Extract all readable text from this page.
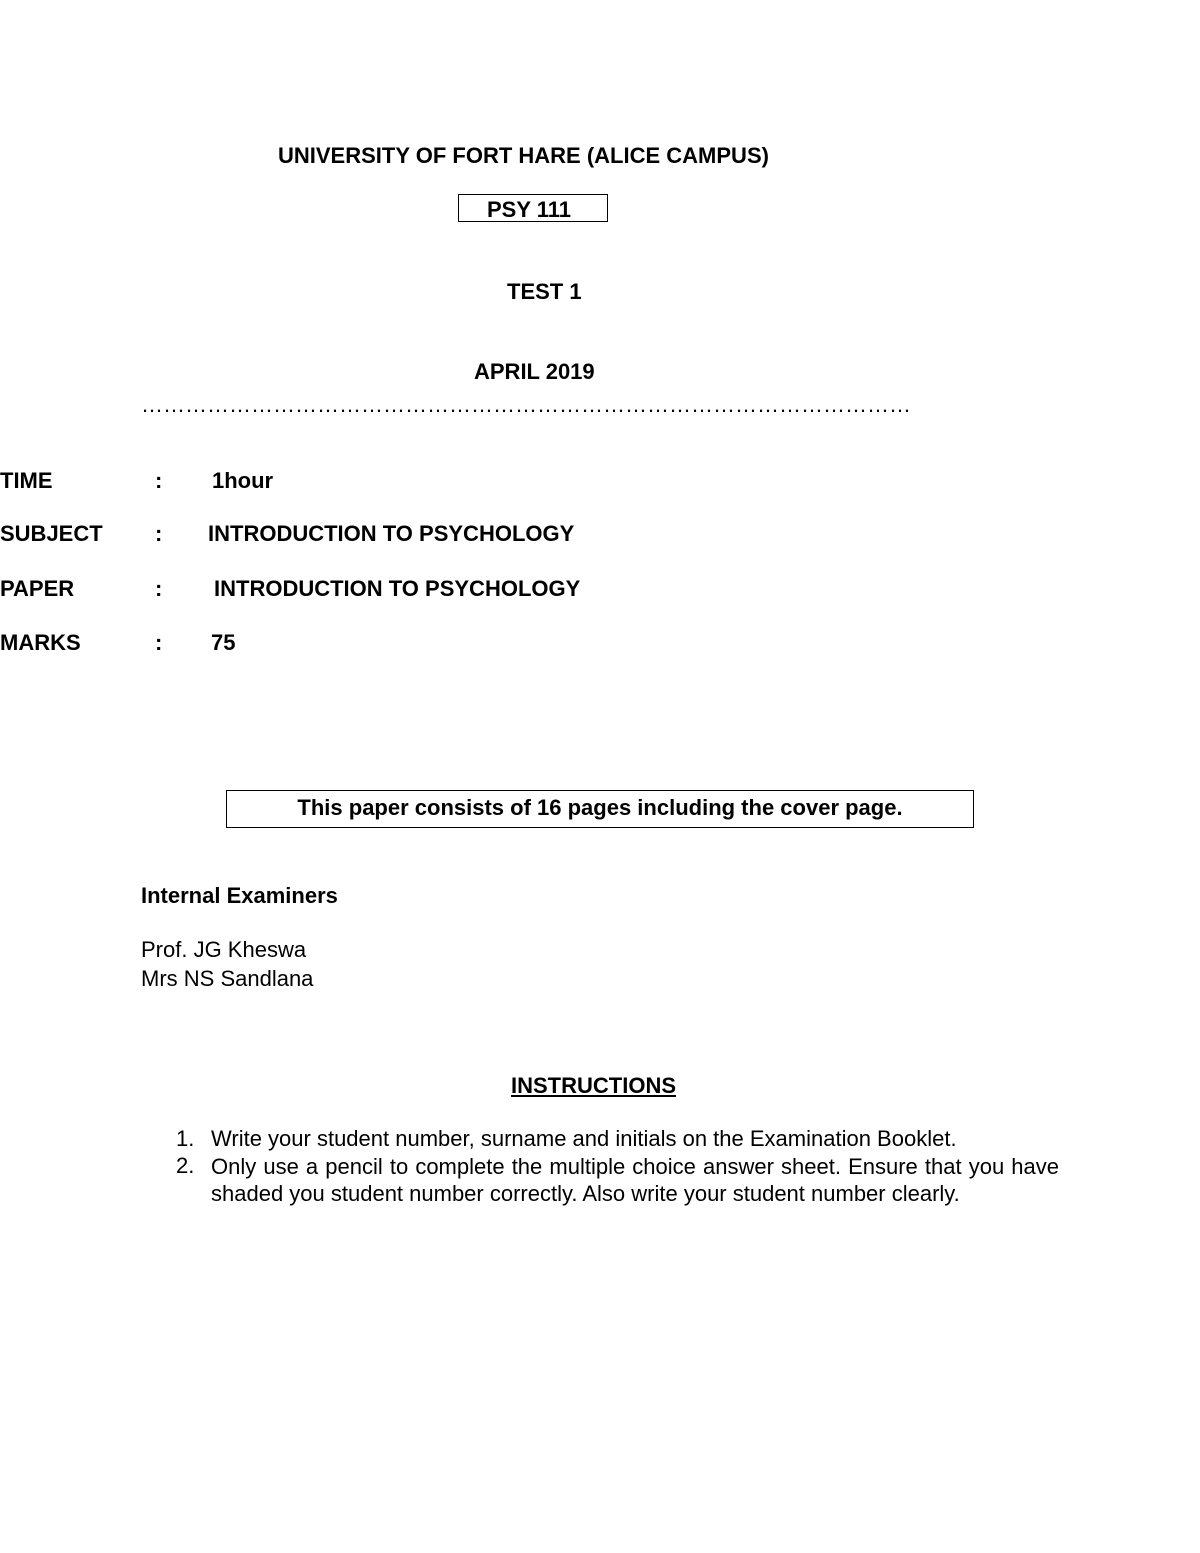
UNIVERSITY OF FORT HARE (ALICE CAMPUS)
PSY 111
TEST 1
APRIL 2019
……………………………………………………………………………………………
TIME	: 1hour
SUBJECT : INTRODUCTION TO PSYCHOLOGY
PAPER	: INTRODUCTION TO PSYCHOLOGY
MARKS	: 75
This paper consists of 16 pages including the cover page.
Internal Examiners
Prof. JG Kheswa
Mrs NS Sandlana
INSTRUCTIONS
1. Write your student number, surname and initials on the Examination Booklet.
2. Only use a pencil to complete the multiple choice answer sheet. Ensure that you have shaded you student number correctly. Also write your student number clearly.
